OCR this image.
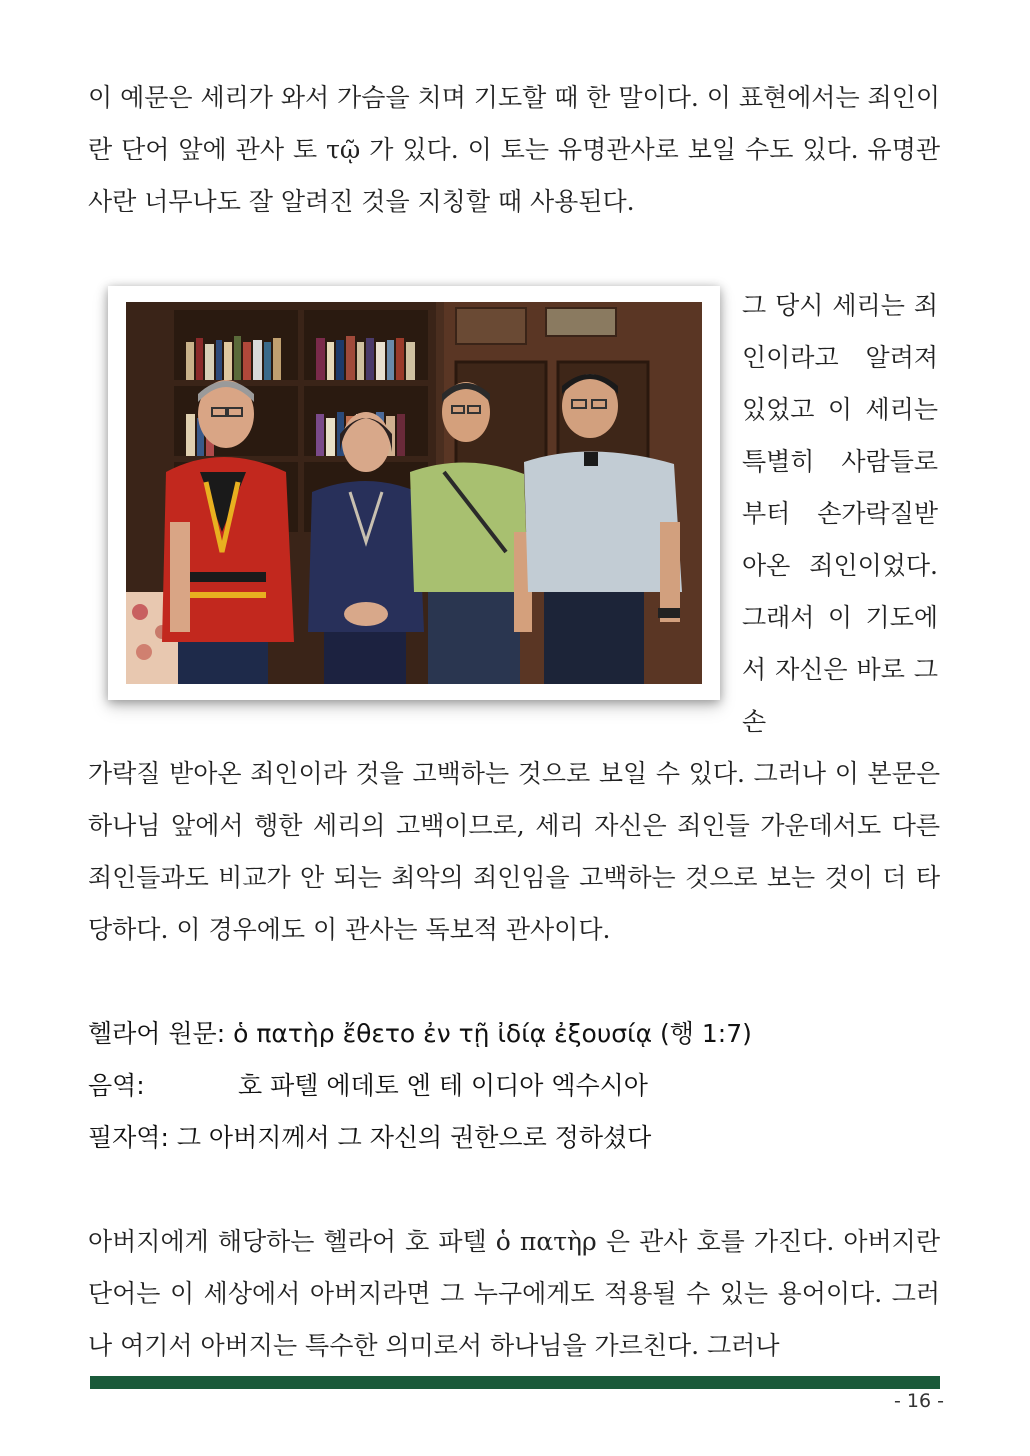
이 예문은 세리가 와서 가슴을 치며 기도할 때 한 말이다. 이 표현에서는 죄인이란 단어 앞에 관사 토 τῷ 가 있다. 이 토는 유명관사로 보일 수도 있다. 유명관사란 너무나도 잘 알려진 것을 지칭할 때 사용된다.

그 당시 세리는 죄인이라고 알려져 있었고 이 세리는 특별히 사람들로부터 손가락질받아온 죄인이었다. 그래서 이 기도에서 자신은 바로 그 손

가락질 받아온 죄인이라 것을 고백하는 것으로 보일 수 있다. 그러나 이 본문은 하나님 앞에서 행한 세리의 고백이므로, 세리 자신은 죄인들 가운데서도 다른 죄인들과도 비교가 안 되는 최악의 죄인임을 고백하는 것으로 보는 것이 더 타당하다. 이 경우에도 이 관사는 독보적 관사이다.

헬라어 원문: ὁ πατὴρ ἔθετο ἐν τῇ ἰδίᾳ ἐξουσίᾳ (행 1:7)
음역:	호 파텔 에데토 엔 테 이디아 엑수시아
필자역: 그 아버지께서 그 자신의 권한으로 정하셨다

아버지에게 해당하는 헬라어 호 파텔 ὁ πατὴρ 은 관사 호를 가진다. 아버지란 단어는 이 세상에서 아버지라면 그 누구에게도 적용될 수 있는 용어이다. 그러나 여기서 아버지는 특수한 의미로서 하나님을 가르친다. 그러나

- 16 -
